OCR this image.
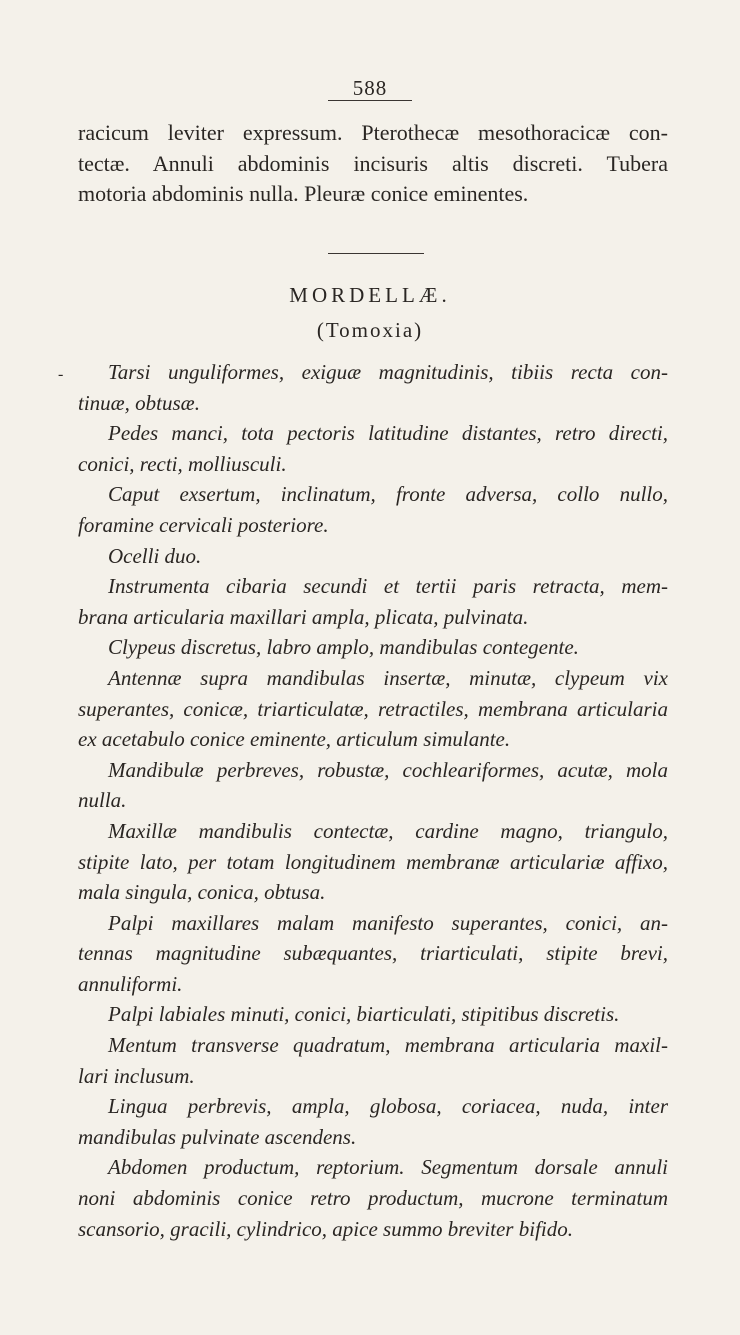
588

racicum leviter expressum. Pterothecæ mesothoracicæ con-
tectæ. Annuli abdominis incisuris altis discreti. Tubera
motoria abdominis nulla. Pleuræ conice eminentes.

MORDELLÆ.
(Tomoxia)
-	Tarsi unguliformes, exiguæ magnitudinis, tibiis recta con-
tinuæ, obtusæ.

Pedes manci, tota pectoris latitudine distantes, retro directi,
conici, recti, molliusculi.

Caput exsertum, inclinatum, fronte adversa, collo nullo,
foramine cervicali posteriore.

Ocelli duo.

Instrumenta cibaria secundi et tertii paris retracta, mem-
brana articularia maxillari ampla, plicata, pulvinata.

Clypeus discretus, labro amplo, mandibulas contegente.

Antennæ supra mandibulas insertæ, minutæ, clypeum vix
superantes, conicæ, triarticulatæ, retractiles, membrana articularia
ex acetabulo conice eminente, articulum simulante.

Mandibulæ perbreves, robustæ, cochleariformes, acutæ, mola
nulla.

Maxillæ mandibulis contectæ, cardine magno, triangulo,
stipite lato, per totam longitudinem membranæ articulariæ affixo,
mala singula, conica, obtusa.

Palpi maxillares malam manifesto superantes, conici, an-
tennas magnitudine subæquantes, triarticulati, stipite brevi,
annuliformi.

Palpi labiales minuti, conici, biarticulati, stipitibus discretis.

Mentum transverse quadratum, membrana articularia maxil-
lari inclusum.

Lingua perbrevis, ampla, globosa, coriacea, nuda, inter
mandibulas pulvinate ascendens.

Abdomen productum, reptorium. Segmentum dorsale annuli
noni abdominis conice retro productum, mucrone terminatum
scansorio, gracili, cylindrico, apice summo breviter bifido.
